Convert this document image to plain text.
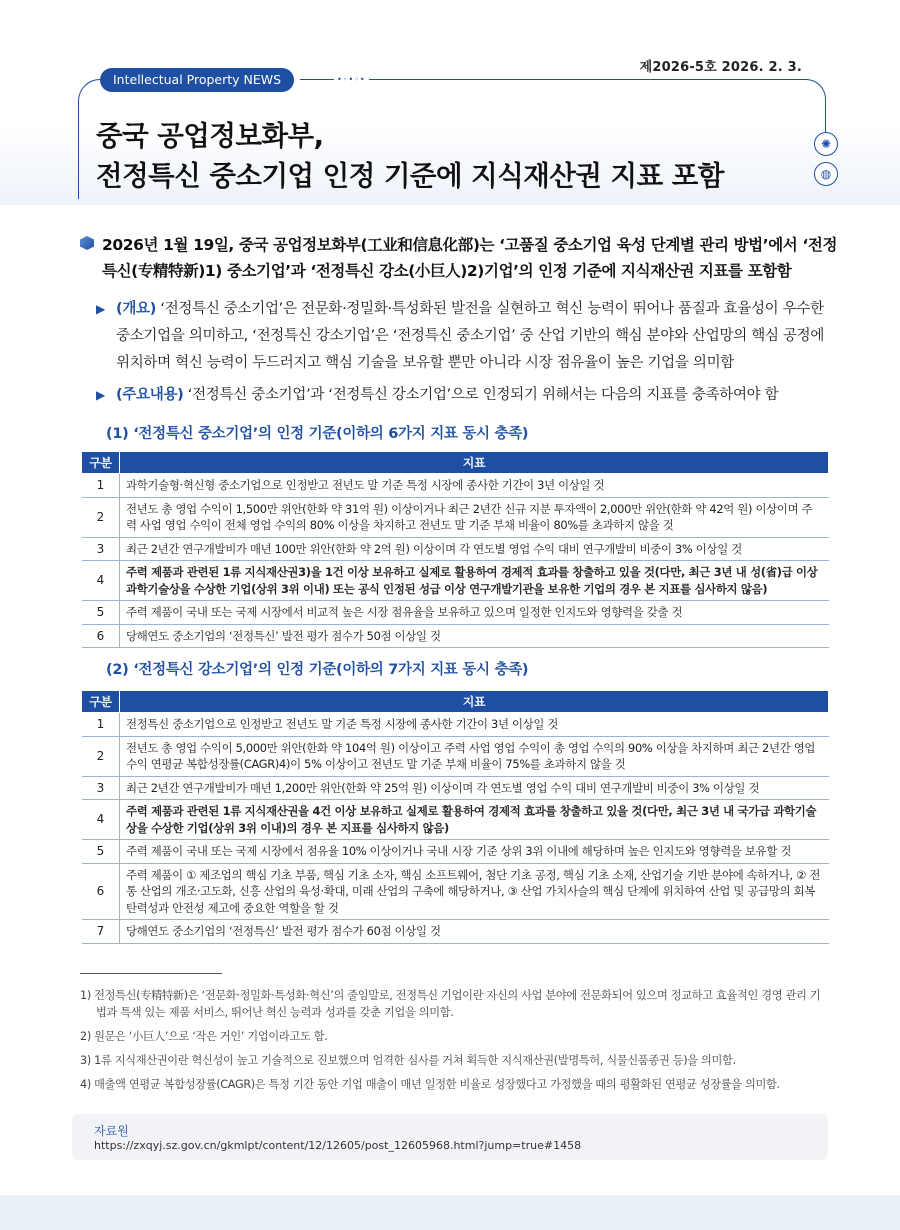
제2026-5호 2026. 2. 3.
•◦•◦•
Intellectual Property NEWS
✺
◍
중국 공업정보화부,
전정특신 중소기업 인정 기준에 지식재산권 지표 포함
2026년 1월 19일, 중국 공업정보화부(工业和信息化部)는 ‘고품질 중소기업 육성 단계별 관리 방법’에서 ‘전정특신(专精特新)1) 중소기업’과 ‘전정특신 강소(小巨人)2)기업’의 인정 기준에 지식재산권 지표를 포함함
▶ (개요) ‘전정특신 중소기업’은 전문화·정밀화·특성화된 발전을 실현하고 혁신 능력이 뛰어나 품질과 효율성이 우수한 중소기업을 의미하고, ‘전정특신 강소기업’은 ‘전정특신 중소기업’ 중 산업 기반의 핵심 분야와 산업망의 핵심 공정에 위치하며 혁신 능력이 두드러지고 핵심 기술을 보유할 뿐만 아니라 시장 점유율이 높은 기업을 의미함
▶ (주요내용) ‘전정특신 중소기업’과 ‘전정특신 강소기업’으로 인정되기 위해서는 다음의 지표를 충족하여야 함
(1) ‘전정특신 중소기업’의 인정 기준(이하의 6가지 지표 동시 충족)
구분	지표
1	과학기술형·혁신형 중소기업으로 인정받고 전년도 말 기준 특정 시장에 종사한 기간이 3년 이상일 것
2	전년도 총 영업 수익이 1,500만 위안(한화 약 31억 원) 이상이거나 최근 2년간 신규 지분 투자액이 2,000만 위안(한화 약 42억 원) 이상이며 주력 사업 영업 수익이 전체 영업 수익의 80% 이상을 차지하고 전년도 말 기준 부채 비율이 80%를 초과하지 않을 것
3	최근 2년간 연구개발비가 매년 100만 위안(한화 약 2억 원) 이상이며 각 연도별 영업 수익 대비 연구개발비 비중이 3% 이상일 것
4	주력 제품과 관련된 1류 지식재산권3)을 1건 이상 보유하고 실제로 활용하여 경제적 효과를 창출하고 있을 것(다만, 최근 3년 내 성(省)급 이상 과학기술상을 수상한 기업(상위 3위 이내) 또는 공식 인정된 성급 이상 연구개발기관을 보유한 기업의 경우 본 지표를 심사하지 않음)
5	주력 제품이 국내 또는 국제 시장에서 비교적 높은 시장 점유율을 보유하고 있으며 일정한 인지도와 영향력을 갖출 것
6	당해연도 중소기업의 ‘전정특신’ 발전 평가 점수가 50점 이상일 것
(2) ‘전정특신 강소기업’의 인정 기준(이하의 7가지 지표 동시 충족)
구분	지표
1	전정특신 중소기업으로 인정받고 전년도 말 기준 특정 시장에 종사한 기간이 3년 이상일 것
2	전년도 총 영업 수익이 5,000만 위안(한화 약 104억 원) 이상이고 주력 사업 영업 수익이 총 영업 수익의 90% 이상을 차지하며 최근 2년간 영업 수익 연평균 복합성장률(CAGR)4)이 5% 이상이고 전년도 말 기준 부채 비율이 75%를 초과하지 않을 것
3	최근 2년간 연구개발비가 매년 1,200만 위안(한화 약 25억 원) 이상이며 각 연도별 영업 수익 대비 연구개발비 비중이 3% 이상일 것
4	주력 제품과 관련된 1류 지식재산권을 4건 이상 보유하고 실제로 활용하여 경제적 효과를 창출하고 있을 것(다만, 최근 3년 내 국가급 과학기술상을 수상한 기업(상위 3위 이내)의 경우 본 지표를 심사하지 않음)
5	주력 제품이 국내 또는 국제 시장에서 점유율 10% 이상이거나 국내 시장 기준 상위 3위 이내에 해당하며 높은 인지도와 영향력을 보유할 것
6	주력 제품이 ① 제조업의 핵심 기초 부품, 핵심 기초 소자, 핵심 소프트웨어, 첨단 기초 공정, 핵심 기초 소재, 산업기술 기반 분야에 속하거나, ② 전통 산업의 개조·고도화, 신흥 산업의 육성·확대, 미래 산업의 구축에 해당하거나, ③ 산업 가치사슬의 핵심 단계에 위치하여 산업 및 공급망의 회복탄력성과 안전성 제고에 중요한 역할을 할 것
7	당해연도 중소기업의 ‘전정특신’ 발전 평가 점수가 60점 이상일 것
1) 전정특신(专精特新)은 ‘전문화·정밀화·특성화·혁신’의 줄임말로, 전정특신 기업이란 자신의 사업 분야에 전문화되어 있으며 정교하고 효율적인 경영 관리 기법과 특색 있는 제품 서비스, 뛰어난 혁신 능력과 성과를 갖춘 기업을 의미함.
2) 원문은 ‘小巨人’으로 ‘작은 거인’ 기업이라고도 함.
3) 1류 지식재산권이란 혁신성이 높고 기술적으로 진보했으며 엄격한 심사를 거쳐 획득한 지식재산권(발명특허, 식물신품종권 등)을 의미함.
4) 매출액 연평균 복합성장률(CAGR)은 특정 기간 동안 기업 매출이 매년 일정한 비율로 성장했다고 가정했을 때의 평활화된 연평균 성장률을 의미함.
자료원
https://zxqyj.sz.gov.cn/gkmlpt/content/12/12605/post_12605968.html?jump=true#1458
